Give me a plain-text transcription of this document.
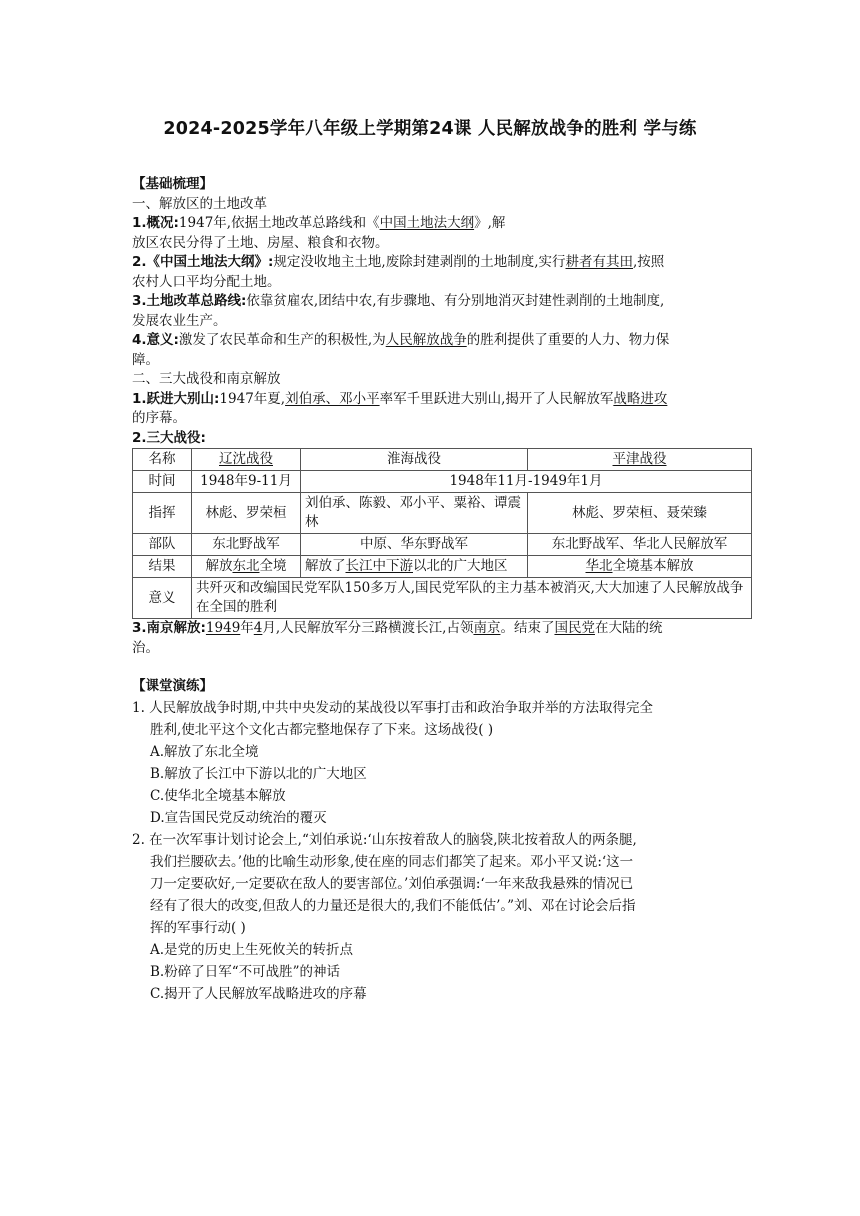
2024-2025学年八年级上学期第24课 人民解放战争的胜利 学与练

【基础梳理】

一、解放区的土地改革

1.概况:1947年,依据土地改革总路线和《中国土地法大纲》,解

放区农民分得了土地、房屋、粮食和衣物。

2.《中国土地法大纲》:规定没收地主土地,废除封建剥削的土地制度,实行耕者有其田,按照

农村人口平均分配土地。

3.土地改革总路线:依靠贫雇农,团结中农,有步骤地、有分别地消灭封建性剥削的土地制度,

发展农业生产。

4.意义:激发了农民革命和生产的积极性,为人民解放战争的胜利提供了重要的人力、物力保

障。

二、三大战役和南京解放

1.跃进大别山:1947年夏,刘伯承、邓小平率军千里跃进大别山,揭开了人民解放军战略进攻

的序幕。

2.三大战役:

名称	辽沈战役	淮海战役	平津战役
时间	1948年9-11月	1948年11月-1949年1月	
指挥	林彪、罗荣桓	刘伯承、陈毅、邓小平、粟裕、谭震林	林彪、罗荣桓、聂荣臻
部队	东北野战军	中原、华东野战军	东北野战军、华北人民解放军
结果	解放东北全境	解放了长江中下游以北的广大地区	华北全境基本解放
意义	共歼灭和改编国民党军队150多万人,国民党军队的主力基本被消灭,大大加速了人民解放战争在全国的胜利		

3.南京解放:1949年4月,人民解放军分三路横渡长江,占领南京。结束了国民党在大陆的统

治。

【课堂演练】

1. 人民解放战争时期,中共中央发动的某战役以军事打击和政治争取并举的方法取得完全

胜利,使北平这个文化古都完整地保存了下来。这场战役( )

A.解放了东北全境

B.解放了长江中下游以北的广大地区

C.使华北全境基本解放

D.宣告国民党反动统治的覆灭

2. 在一次军事计划讨论会上,“刘伯承说:‘山东按着敌人的脑袋,陕北按着敌人的两条腿,

我们拦腰砍去。’他的比喻生动形象,使在座的同志们都笑了起来。邓小平又说:‘这一

刀一定要砍好,一定要砍在敌人的要害部位。’刘伯承强调:‘一年来敌我悬殊的情况已

经有了很大的改变,但敌人的力量还是很大的,我们不能低估’。”刘、邓在讨论会后指

挥的军事行动( )

A.是党的历史上生死攸关的转折点

B.粉碎了日军“不可战胜”的神话

C.揭开了人民解放军战略进攻的序幕
